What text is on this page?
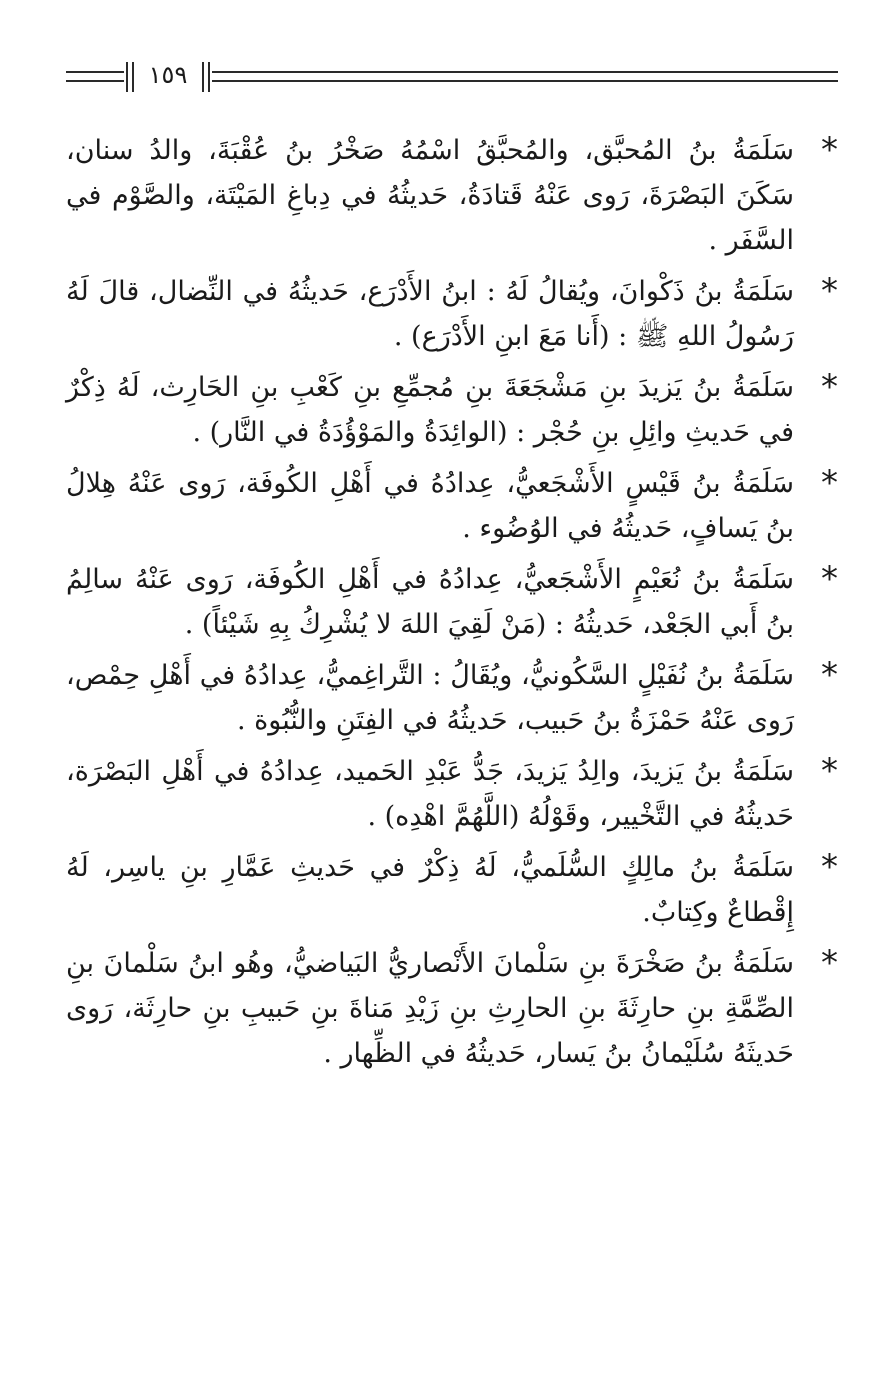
١٥٩
*
سَلَمَةُ بنُ المُحبَّق، والمُحبَّقُ اسْمُهُ صَخْرُ بنُ عُقْبَةَ، والدُ سنان، سَكَنَ البَصْرَةَ، رَوى عَنْهُ قَتادَةُ، حَديثُهُ في دِباغِ المَيْتَة، والصَّوْم في السَّفَر .
*
سَلَمَةُ بنُ ذَكْوانَ، ويُقالُ لَهُ : ابنُ الأَدْرَع، حَديثُهُ في النِّضال، قالَ لَهُ رَسُولُ اللهِ ﷺ : (أَنا مَعَ ابنِ الأَدْرَع) .
*
سَلَمَةُ بنُ يَزيدَ بنِ مَشْجَعَةَ بنِ مُجمِّعِ بنِ كَعْبِ بنِ الحَارِث، لَهُ ذِكْرٌ في حَديثِ وائِلِ بنِ حُجْر : (الوائِدَةُ والمَوْؤُدَةُ في النَّار) .
*
سَلَمَةُ بنُ قَيْسٍ الأَشْجَعيُّ، عِدادُهُ في أَهْلِ الكُوفَة، رَوى عَنْهُ هِلالُ بنُ يَسافٍ، حَديثُهُ في الوُضُوء .
*
سَلَمَةُ بنُ نُعَيْمٍ الأَشْجَعيُّ، عِدادُهُ في أَهْلِ الكُوفَة، رَوى عَنْهُ سالِمُ بنُ أَبي الجَعْد، حَديثُهُ : (مَنْ لَقِيَ اللهَ لا يُشْرِكُ بِهِ شَيْئاً) .
*
سَلَمَةُ بنُ نُفَيْلٍ السَّكُونيُّ، ويُقَالُ : التَّراغِميُّ، عِدادُهُ في أَهْلِ حِمْص، رَوى عَنْهُ حَمْزَةُ بنُ حَبيب، حَديثُهُ في الفِتَنِ والنُّبُوة .
*
سَلَمَةُ بنُ يَزيدَ، والِدُ يَزيدَ، جَدُّ عَبْدِ الحَميد، عِدادُهُ في أَهْلِ البَصْرَة، حَديثُهُ في التَّخْيير، وقَوْلُهُ (اللَّهُمَّ اهْدِه) .
*
سَلَمَةُ بنُ مالِكٍ السُّلَميُّ، لَهُ ذِكْرٌ في حَديثِ عَمَّارِ بنِ ياسِر، لَهُ إِقْطاعٌ وكِتابٌ.
*
سَلَمَةُ بنُ صَخْرَةَ بنِ سَلْمانَ الأَنْصاريُّ البَياضيُّ، وهُو ابنُ سَلْمانَ بنِ الصِّمَّةِ بنِ حارِثَةَ بنِ الحارِثِ بنِ زَيْدِ مَناةَ بنِ حَبيبِ بنِ حارِثَة، رَوى حَديثَهُ سُلَيْمانُ بنُ يَسار، حَديثُهُ في الظِّهار .
